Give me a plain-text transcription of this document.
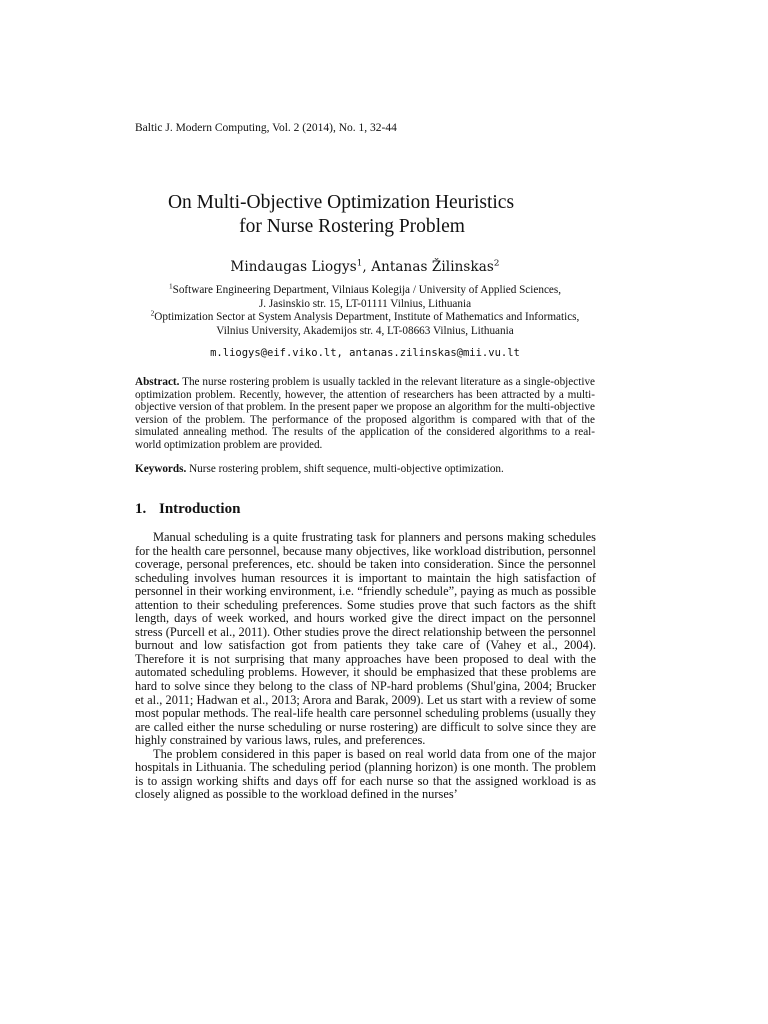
Baltic J. Modern Computing, Vol. 2 (2014), No. 1, 32-44
On Multi-Objective Optimization Heuristics
for Nurse Rostering Problem
Mindaugas Liogys$^1$, Antanas Žilinskas$^2$
$^1$Software Engineering Department, Vilniaus Kolegija / University of Applied Sciences,
J. Jasinskio str. 15, LT-01111 Vilnius, Lithuania
$^2$Optimization Sector at System Analysis Department, Institute of Mathematics and Informatics,
Vilnius University, Akademijos str. 4, LT-08663 Vilnius, Lithuania
m.liogys@eif.viko.lt, antanas.zilinskas@mii.vu.lt
Abstract. The nurse rostering problem is usually tackled in the relevant literature as a single-objective optimization problem. Recently, however, the attention of researchers has been attracted by a multi-objective version of that problem. In the present paper we propose an algorithm for the multi-objective version of the problem. The performance of the proposed algorithm is compared with that of the simulated annealing method. The results of the application of the considered algorithms to a real-world optimization problem are provided.
Keywords. Nurse rostering problem, shift sequence, multi-objective optimization.
1. Introduction

Manual scheduling is a quite frustrating task for planners and persons making schedules for the health care personnel, because many objectives, like workload distribution, personnel coverage, personal preferences, etc. should be taken into consideration. Since the personnel scheduling involves human resources it is important to maintain the high satisfaction of personnel in their working environment, i.e. “friendly schedule”, paying as much as possible attention to their scheduling preferences. Some studies prove that such factors as the shift length, days of week worked, and hours worked give the direct impact on the personnel stress (Purcell et al., 2011). Other studies prove the direct relationship between the personnel burnout and low satisfaction got from patients they take care of (Vahey et al., 2004). Therefore it is not surprising that many approaches have been proposed to deal with the automated scheduling problems. However, it should be emphasized that these problems are hard to solve since they belong to the class of NP-hard problems (Shul'gina, 2004; Brucker et al., 2011; Hadwan et al., 2013; Arora and Barak, 2009). Let us start with a review of some most popular methods. The real-life health care personnel scheduling problems (usually they are called either the nurse scheduling or nurse rostering) are difficult to solve since they are highly constrained by various laws, rules, and preferences.

The problem considered in this paper is based on real world data from one of the major hospitals in Lithuania. The scheduling period (planning horizon) is one month. The problem is to assign working shifts and days off for each nurse so that the assigned workload is as closely aligned as possible to the workload defined in the nurses’
